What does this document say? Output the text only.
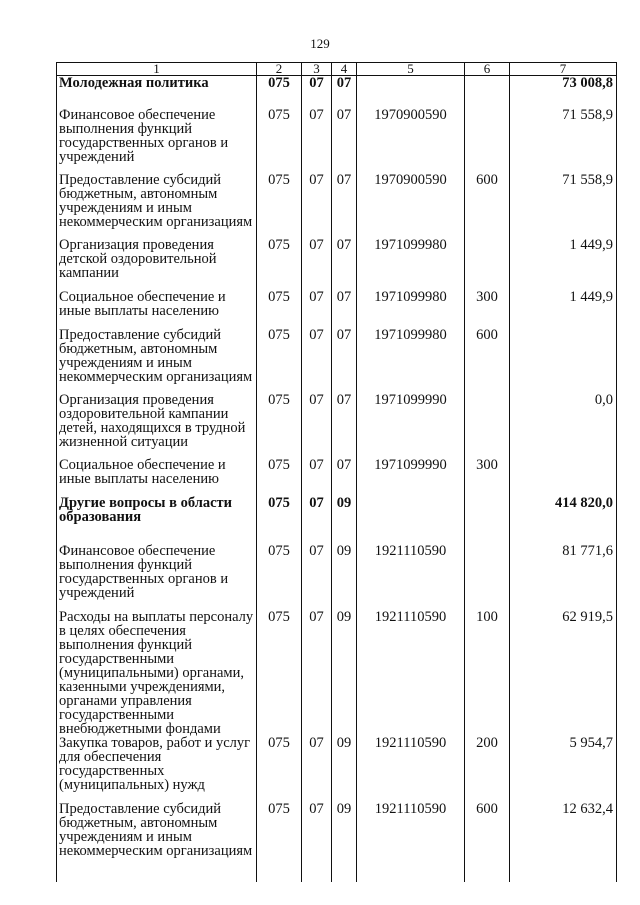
129
1	2	3	4	5	6	7
Молодежная политика	075	07	07			73 008,8
Финансовое обеспечение выполнения функций государственных органов и учреждений	075	07	07	1970900590		71 558,9
Предоставление субсидий бюджетным, автономным учреждениям и иным некоммерческим организациям	075	07	07	1970900590	600	71 558,9
Организация проведения детской оздоровительной кампании	075	07	07	1971099980		1 449,9
Социальное обеспечение и иные выплаты населению	075	07	07	1971099980	300	1 449,9
Предоставление субсидий бюджетным, автономным учреждениям и иным некоммерческим организациям	075	07	07	1971099980	600	
Организация проведения оздоровительной кампании детей, находящихся в трудной жизненной ситуации	075	07	07	1971099990		0,0
Социальное обеспечение и иные выплаты населению	075	07	07	1971099990	300	
Другие вопросы в области образования	075	07	09			414 820,0
Финансовое обеспечение выполнения функций государственных органов и учреждений	075	07	09	1921110590		81 771,6
Расходы на выплаты персоналу в целях обеспечения выполнения функций государственными (муниципальными) органами, казенными учреждениями, органами управления государственными внебюджетными фондами	075	07	09	1921110590	100	62 919,5
Закупка товаров, работ и услуг для обеспечения государственных (муниципальных) нужд	075	07	09	1921110590	200	5 954,7
Предоставление субсидий бюджетным, автономным учреждениям и иным некоммерческим организациям	075	07	09	1921110590	600	12 632,4
